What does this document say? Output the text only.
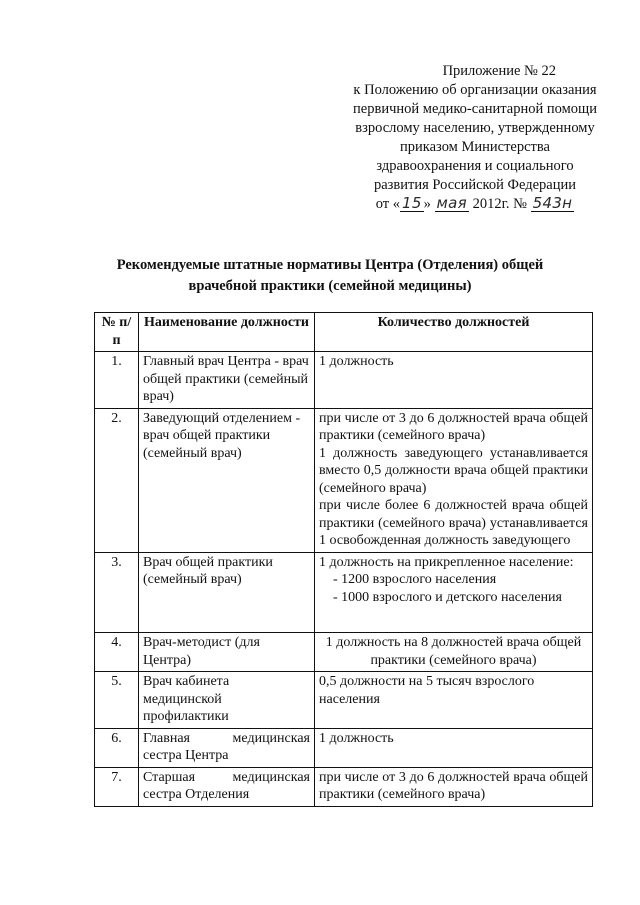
Приложение № 22
к Положению об организации оказания
первичной медико-санитарной помощи
взрослому населению, утвержденному
приказом Министерства
здравоохранения и социального
развития Российской Федерации
от « 15 » мая 2012г. № 543н
Рекомендуемые штатные нормативы Центра (Отделения) общей
врачебной практики (семейной медицины)
№ п/п	Наименование должности	Количество должностей
1.	Главный врач Центра - врач общей практики (семейный врач)	1 должность

2.	Заведующий отделением - врач общей практики (семейный врач)	при числе от 3 до 6 должностей врача общей практики (семейного врача)
1 должность заведующего устанавливается вместо 0,5 должности врача общей практики (семейного врача)
при числе более 6 должностей врача общей практики (семейного врача) устанавливается 1 освобожденная должность заведующего

3.	Врач общей практики (семейный врач)	1 должность на прикрепленное население:
- 1200 взрослого населения
- 1000 взрослого и детского населения

4.	Врач-методист (для Центра)	1 должность на 8 должностей врача общей практики (семейного врача)

5.	Врач кабинета медицинской профилактики	0,5 должности на 5 тысяч взрослого населения

6.	Главная медицинская сестра Центра	1 должность

7.	Старшая медицинская сестра Отделения	при числе от 3 до 6 должностей врача общей практики (семейного врача)
